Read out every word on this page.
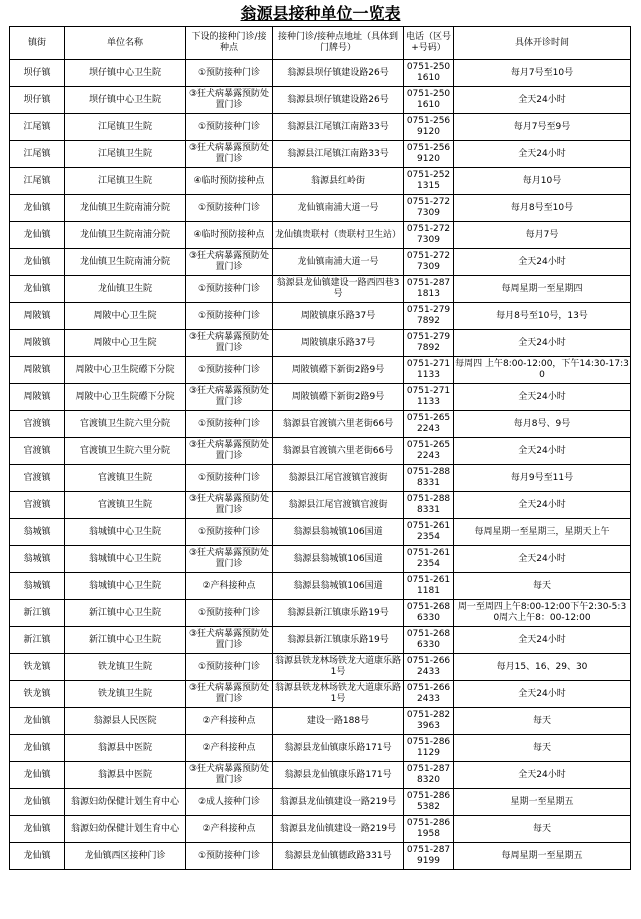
翁源县接种单位一览表
镇街	单位名称	下设的接种门诊/接种点	接种门诊/接种点地址（具体到门牌号）	电话（区号+号码）	具体开诊时间
坝仔镇	坝仔镇中心卫生院	①预防接种门诊	翁源县坝仔镇建设路26号	0751-2501610	每月7号至10号
坝仔镇	坝仔镇中心卫生院	③狂犬病暴露预防处置门诊	翁源县坝仔镇建设路26号	0751-2501610	全天24小时
江尾镇	江尾镇卫生院	①预防接种门诊	翁源县江尾镇江南路33号	0751-2569120	每月7号至9号
江尾镇	江尾镇卫生院	③狂犬病暴露预防处置门诊	翁源县江尾镇江南路33号	0751-2569120	全天24小时
江尾镇	江尾镇卫生院	④临时预防接种点	翁源县红岭街	0751-2521315	每月10号
龙仙镇	龙仙镇卫生院南浦分院	①预防接种门诊	龙仙镇南浦大道一号	0751-2727309	每月8号至10号
龙仙镇	龙仙镇卫生院南浦分院	④临时预防接种点	龙仙镇贵联村（贵联村卫生站）	0751-2727309	每月7号
龙仙镇	龙仙镇卫生院南浦分院	③狂犬病暴露预防处置门诊	龙仙镇南浦大道一号	0751-2727309	全天24小时
龙仙镇	龙仙镇卫生院	①预防接种门诊	翁源县龙仙镇建设一路西四巷3号	0751-2871813	每周星期一至星期四
周陂镇	周陂中心卫生院	①预防接种门诊	周陂镇康乐路37号	0751-2797892	每月8号至10号，13号
周陂镇	周陂中心卫生院	③狂犬病暴露预防处置门诊	周陂镇康乐路37号	0751-2797892	全天24小时
周陂镇	周陂中心卫生院礤下分院	①预防接种门诊	周陂镇礤下新街2路9号	0751-2711133	每周四 上午8:00-12:00，下午14:30-17:30
周陂镇	周陂中心卫生院礤下分院	③狂犬病暴露预防处置门诊	周陂镇礤下新街2路9号	0751-2711133	全天24小时
官渡镇	官渡镇卫生院六里分院	①预防接种门诊	翁源县官渡镇六里老街66号	0751-2652243	每月8号、9号
官渡镇	官渡镇卫生院六里分院	③狂犬病暴露预防处置门诊	翁源县官渡镇六里老街66号	0751-2652243	全天24小时
官渡镇	官渡镇卫生院	①预防接种门诊	翁源县江尾官渡镇官渡街	0751-2888331	每月9号至11号
官渡镇	官渡镇卫生院	③狂犬病暴露预防处置门诊	翁源县江尾官渡镇官渡街	0751-2888331	全天24小时
翁城镇	翁城镇中心卫生院	①预防接种门诊	翁源县翁城镇106国道	0751-2612354	每周星期一至星期三，星期天上午
翁城镇	翁城镇中心卫生院	③狂犬病暴露预防处置门诊	翁源县翁城镇106国道	0751-2612354	全天24小时
翁城镇	翁城镇中心卫生院	②产科接种点	翁源县翁城镇106国道	0751-2611181	每天
新江镇	新江镇中心卫生院	①预防接种门诊	翁源县新江镇康乐路19号	0751-2686330	周一至周四上午8:00-12:00下午2:30-5:30周六上午8：00-12:00
新江镇	新江镇中心卫生院	③狂犬病暴露预防处置门诊	翁源县新江镇康乐路19号	0751-2686330	全天24小时
铁龙镇	铁龙镇卫生院	①预防接种门诊	翁源县铁龙林场铁龙大道康乐路1号	0751-2662433	每月15、16、29、30
铁龙镇	铁龙镇卫生院	③狂犬病暴露预防处置门诊	翁源县铁龙林场铁龙大道康乐路1号	0751-2662433	全天24小时
龙仙镇	翁源县人民医院	②产科接种点	建设一路188号	0751-2823963	每天
龙仙镇	翁源县中医院	②产科接种点	翁源县龙仙镇康乐路171号	0751-2861129	每天
龙仙镇	翁源县中医院	③狂犬病暴露预防处置门诊	翁源县龙仙镇康乐路171号	0751-2878320	全天24小时
龙仙镇	翁源妇幼保健计划生育中心	②成人接种门诊	翁源县龙仙镇建设一路219号	0751-2865382	星期一至星期五
龙仙镇	翁源妇幼保健计划生育中心	②产科接种点	翁源县龙仙镇建设一路219号	0751-2861958	每天
龙仙镇	龙仙镇西区接种门诊	①预防接种门诊	翁源县龙仙镇德政路331号	0751-2879199	每周星期一至星期五
